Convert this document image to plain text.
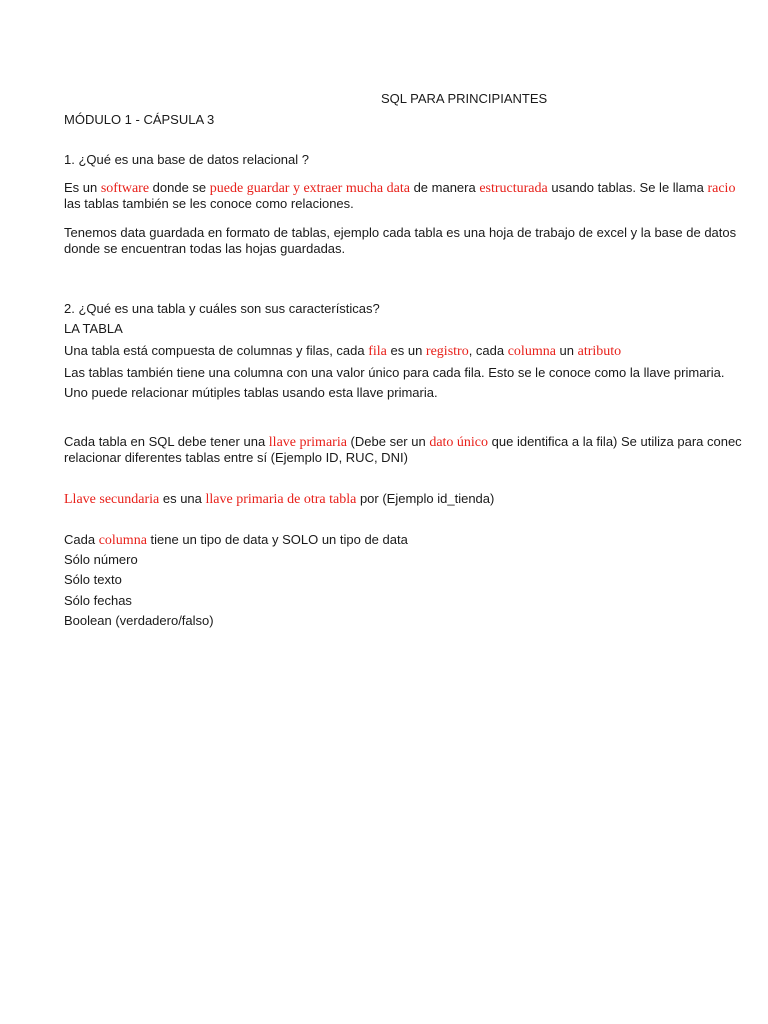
SQL PARA PRINCIPIANTES
MÓDULO 1 - CÁPSULA 3
1. ¿Qué es una base de datos relacional ?
Es un software donde se puede guardar y extraer mucha data de manera estructurada usando tablas. Se le llama racio
las tablas también se les conoce como relaciones.
Tenemos data guardada en formato de tablas, ejemplo cada tabla es una hoja de trabajo de excel y la base de datos
donde se encuentran todas las hojas guardadas.
2. ¿Qué es una tabla y cuáles son sus características?
LA TABLA
Una tabla está compuesta de columnas y filas, cada fila es un registro, cada columna un atributo
Las tablas también tiene una columna con una valor único para cada fila. Esto se le conoce como la llave primaria.
Uno puede relacionar mútiples tablas usando esta llave primaria.
Cada tabla en SQL debe tener una llave primaria (Debe ser un dato único que identifica a la fila) Se utiliza para conec
relacionar diferentes tablas entre sí (Ejemplo ID, RUC, DNI)
Llave secundaria es una llave primaria de otra tabla por (Ejemplo id_tienda)
Cada columna tiene un tipo de data y SOLO un tipo de data
Sólo número
Sólo texto
Sólo fechas
Boolean (verdadero/falso)
